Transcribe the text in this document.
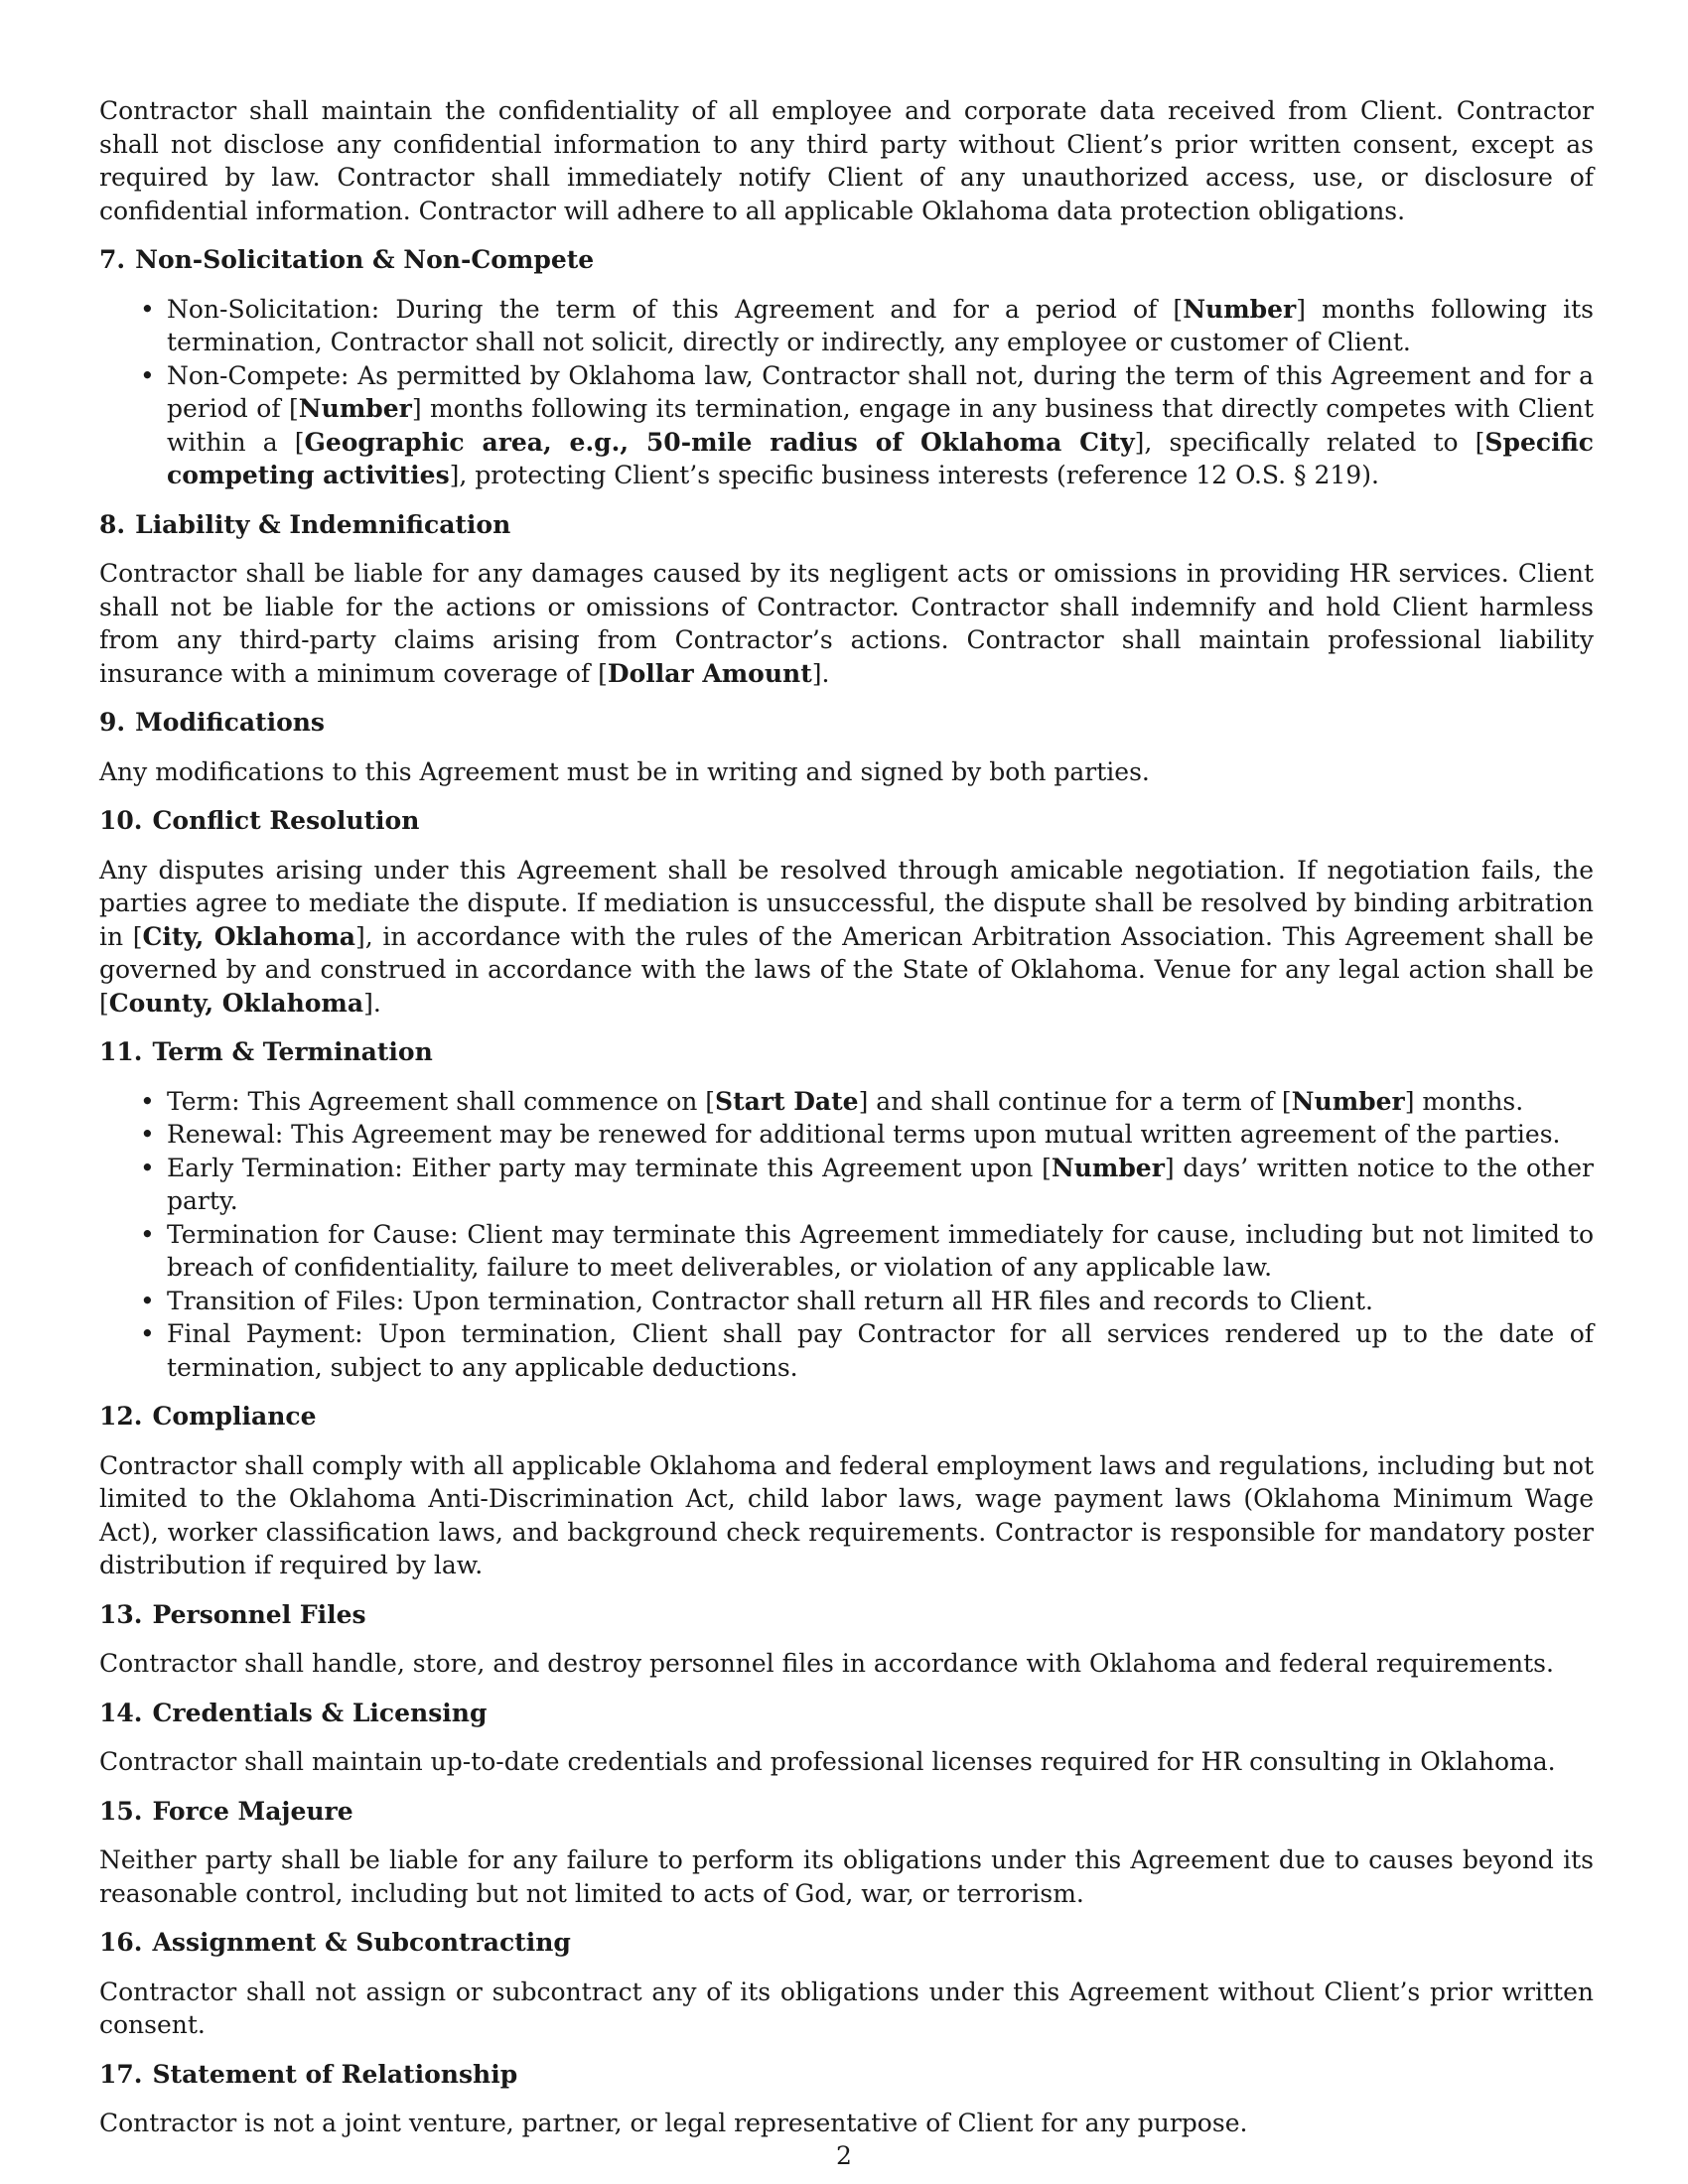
Contractor shall maintain the confidentiality of all employee and corporate data received from Client. Contractor shall not disclose any confidential information to any third party without Client’s prior written consent, except as required by law. Contractor shall immediately notify Client of any unauthorized access, use, or disclosure of confidential information. Contractor will adhere to all applicable Oklahoma data protection obligations.

7. Non-Solicitation & Non-Compete
• Non-Solicitation: During the term of this Agreement and for a period of [Number] months following its termination, Contractor shall not solicit, directly or indirectly, any employee or customer of Client.
• Non-Compete: As permitted by Oklahoma law, Contractor shall not, during the term of this Agreement and for a period of [Number] months following its termination, engage in any business that directly competes with Client within a [Geographic area, e.g., 50-mile radius of Oklahoma City], specifically related to [Specific competing activities], protecting Client’s specific business interests (reference 12 O.S. § 219).
8. Liability & Indemnification

Contractor shall be liable for any damages caused by its negligent acts or omissions in providing HR services. Client shall not be liable for the actions or omissions of Contractor. Contractor shall indemnify and hold Client harmless from any third-party claims arising from Contractor’s actions. Contractor shall maintain professional liability insurance with a minimum coverage of [Dollar Amount].

9. Modifications

Any modifications to this Agreement must be in writing and signed by both parties.

10. Conflict Resolution

Any disputes arising under this Agreement shall be resolved through amicable negotiation. If negotiation fails, the parties agree to mediate the dispute. If mediation is unsuccessful, the dispute shall be resolved by binding arbitration in [City, Oklahoma], in accordance with the rules of the American Arbitration Association. This Agreement shall be governed by and construed in accordance with the laws of the State of Oklahoma. Venue for any legal action shall be [County, Oklahoma].

11. Term & Termination
• Term: This Agreement shall commence on [Start Date] and shall continue for a term of [Number] months.
• Renewal: This Agreement may be renewed for additional terms upon mutual written agreement of the parties.
• Early Termination: Either party may terminate this Agreement upon [Number] days’ written notice to the other party.
• Termination for Cause: Client may terminate this Agreement immediately for cause, including but not limited to breach of confidentiality, failure to meet deliverables, or violation of any applicable law.
• Transition of Files: Upon termination, Contractor shall return all HR files and records to Client.
• Final Payment: Upon termination, Client shall pay Contractor for all services rendered up to the date of termination, subject to any applicable deductions.
12. Compliance

Contractor shall comply with all applicable Oklahoma and federal employment laws and regulations, including but not limited to the Oklahoma Anti-Discrimination Act, child labor laws, wage payment laws (Oklahoma Minimum Wage Act), worker classification laws, and background check requirements. Contractor is responsible for mandatory poster distribution if required by law.

13. Personnel Files

Contractor shall handle, store, and destroy personnel files in accordance with Oklahoma and federal requirements.

14. Credentials & Licensing

Contractor shall maintain up-to-date credentials and professional licenses required for HR consulting in Oklahoma.

15. Force Majeure

Neither party shall be liable for any failure to perform its obligations under this Agreement due to causes beyond its reasonable control, including but not limited to acts of God, war, or terrorism.

16. Assignment & Subcontracting

Contractor shall not assign or subcontract any of its obligations under this Agreement without Client’s prior written consent.

17. Statement of Relationship

Contractor is not a joint venture, partner, or legal representative of Client for any purpose.

2
